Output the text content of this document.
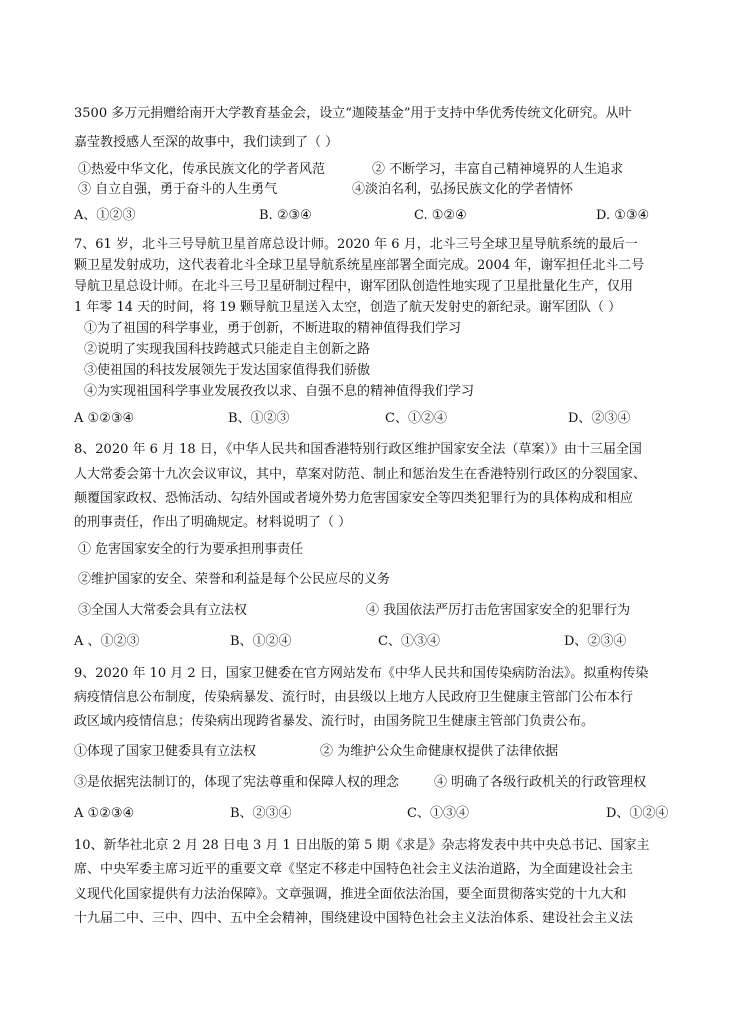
3500 多万元捐赠给南开大学教育基金会，设立“迦陵基金”用于支持中华优秀传统文化研究。从叶
嘉莹教授感人至深的故事中，我们读到了（ ）
①热爱中华文化，传承民族文化的学者风范	② 不断学习，丰富自己精神境界的人生追求
③ 自立自强，勇于奋斗的人生勇气	④淡泊名利，弘扬民族文化的学者情怀
A、①②③	B. ②③④	C. ①②④	D. ①③④
7、61 岁，北斗三号导航卫星首席总设计师。2020 年 6 月，北斗三号全球卫星导航系统的最后一
颗卫星发射成功，这代表着北斗全球卫星导航系统星座部署全面完成。2004 年，谢军担任北斗二号
导航卫星总设计师。在北斗三号卫星研制过程中，谢军团队创造性地实现了卫星批量化生产，仅用
1 年零 14 天的时间，将 19 颗导航卫星送入太空，创造了航天发射史的新纪录。谢军团队（ ）
①为了祖国的科学事业，勇于创新，不断进取的精神值得我们学习
②说明了实现我国科技跨越式只能走自主创新之路
③使祖国的科技发展领先于发达国家值得我们骄傲
④为实现祖国科学事业发展孜孜以求、自强不息的精神值得我们学习
A ①②③④	B、①②③	C、①②④	D、②③④
8、2020 年 6 月 18 日，《中华人民共和国香港特别行政区维护国家安全法（草案）》由十三届全国
人大常委会第十九次会议审议，其中，草案对防范、制止和惩治发生在香港特别行政区的分裂国家、
颠覆国家政权、恐怖活动、勾结外国或者境外势力危害国家安全等四类犯罪行为的具体构成和相应
的刑事责任，作出了明确规定。材料说明了（ ）
① 危害国家安全的行为要承担刑事责任
②维护国家的安全、荣誉和利益是每个公民应尽的义务
③全国人大常委会具有立法权	④ 我国依法严厉打击危害国家安全的犯罪行为
A 、①②③	B、①②④	C、①③④	D、②③④
9、2020 年 10 月 2 日，国家卫健委在官方网站发布《中华人民共和国传染病防治法》。拟重构传染
病疫情信息公布制度，传染病暴发、流行时，由县级以上地方人民政府卫生健康主管部门公布本行
政区域内疫情信息；传染病出现跨省暴发、流行时，由国务院卫生健康主管部门负责公布。
①体现了国家卫健委具有立法权	② 为维护公众生命健康权提供了法律依据
③是依据宪法制订的，体现了宪法尊重和保障人权的理念	④ 明确了各级行政机关的行政管理权
A ①②③④	B、②③④	C、①③④	D、①②④
10、新华社北京 2 月 28 日电 3 月 1 日出版的第 5 期《求是》杂志将发表中共中央总书记、国家主
席、中央军委主席习近平的重要文章《坚定不移走中国特色社会主义法治道路，为全面建设社会主
义现代化国家提供有力法治保障》。文章强调，推进全面依法治国，要全面贯彻落实党的十九大和
十九届二中、三中、四中、五中全会精神，围绕建设中国特色社会主义法治体系、建设社会主义法
